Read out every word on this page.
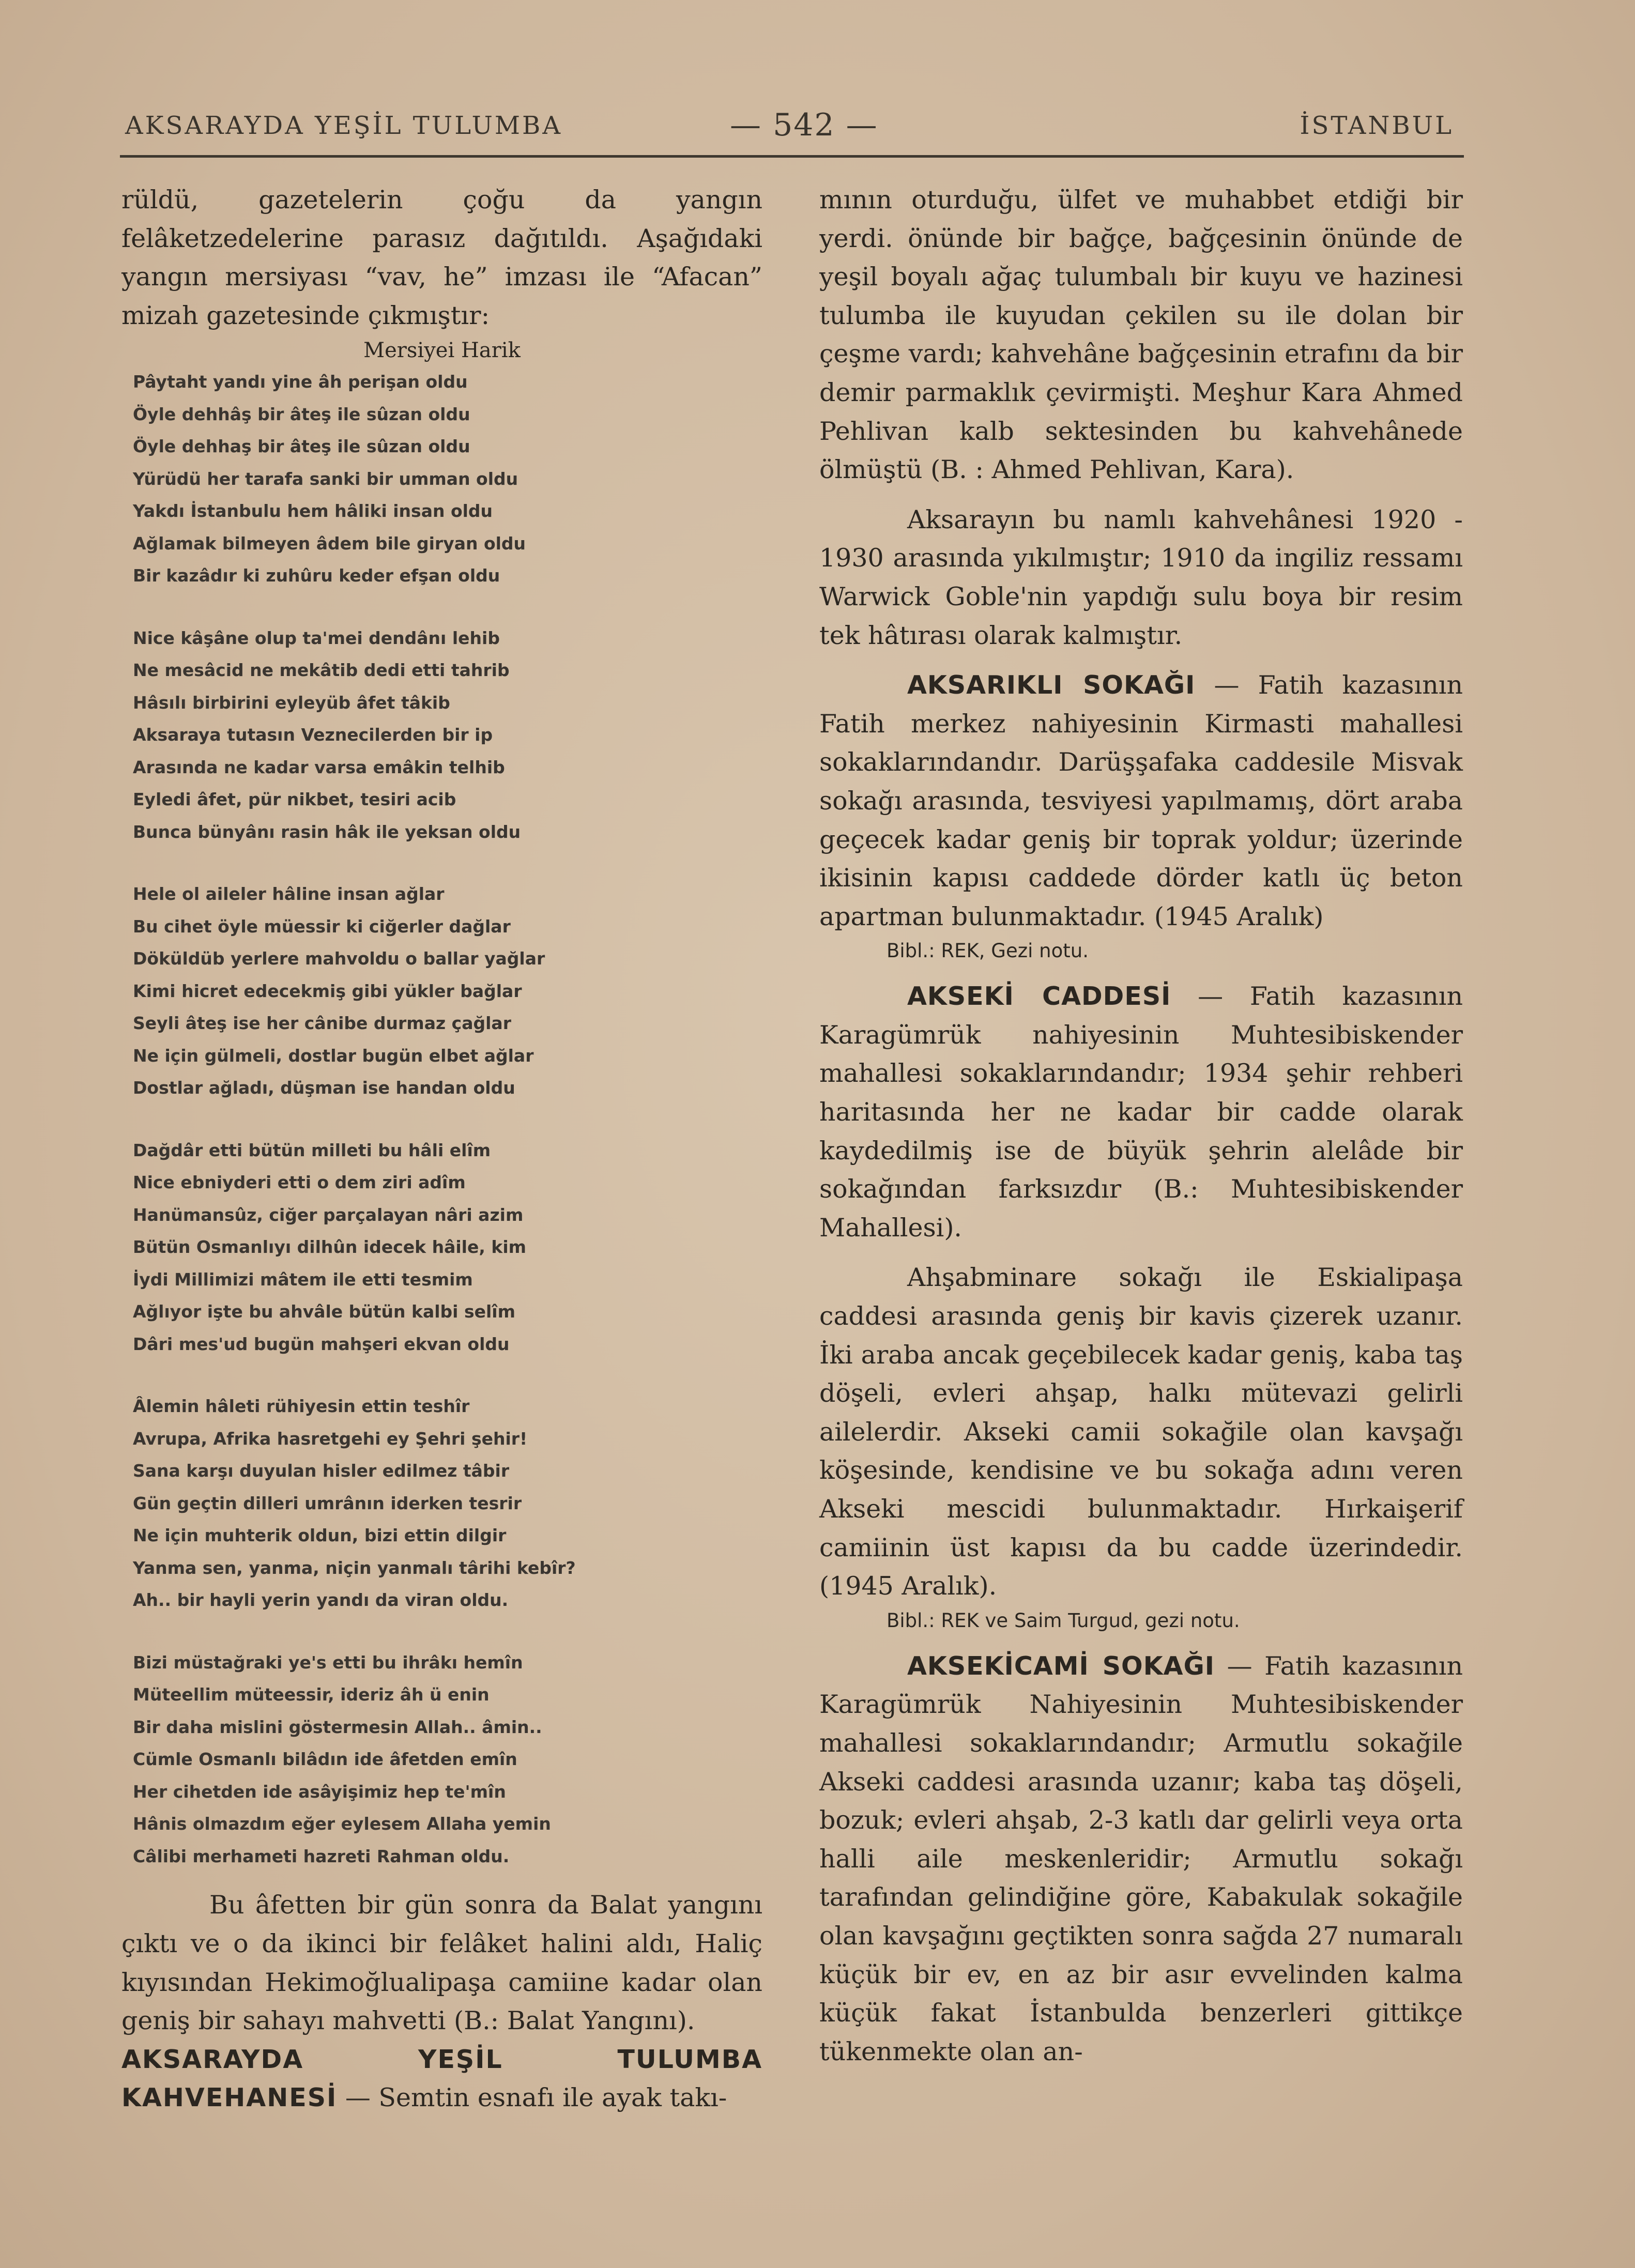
AKSARAYDA YEŞİL TULUMBA	— 542 —	İSTANBUL

rüldü, gazetelerin çoğu da yangın felâketzedelerine parasız dağıtıldı. Aşağıdaki yangın mersiyası “vav, he” imzası ile “Afacan” mizah gazetesinde çıkmıştır:

Mersiyei Harik

Pâytaht yandı yine âh perişan oldu
Öyle dehhâş bir âteş ile sûzan oldu
Öyle dehhaş bir âteş ile sûzan oldu
Yürüdü her tarafa sanki bir umman oldu
Yakdı İstanbulu hem hâliki insan oldu
Ağlamak bilmeyen âdem bile giryan oldu
Bir kazâdır ki zuhûru keder efşan oldu
Nice kâşâne olup ta'mei dendânı lehib
Ne mesâcid ne mekâtib dedi etti tahrib
Hâsılı birbirini eyleyüb âfet tâkib
Aksaraya tutasın Veznecilerden bir ip
Arasında ne kadar varsa emâkin telhib
Eyledi âfet, pür nikbet, tesiri acib
Bunca bünyânı rasin hâk ile yeksan oldu
Hele ol aileler hâline insan ağlar
Bu cihet öyle müessir ki ciğerler dağlar
Döküldüb yerlere mahvoldu o ballar yağlar
Kimi hicret edecekmiş gibi yükler bağlar
Seyli âteş ise her cânibe durmaz çağlar
Ne için gülmeli, dostlar bugün elbet ağlar
Dostlar ağladı, düşman ise handan oldu
Dağdâr etti bütün milleti bu hâli elîm
Nice ebniyderi etti o dem ziri adîm
Hanümansûz, ciğer parçalayan nâri azim
Bütün Osmanlıyı dilhûn idecek hâile, kim
İydi Millimizi mâtem ile etti tesmim
Ağlıyor işte bu ahvâle bütün kalbi selîm
Dâri mes'ud bugün mahşeri ekvan oldu
Âlemin hâleti rühiyesin ettin teshîr
Avrupa, Afrika hasretgehi ey Şehri şehir!
Sana karşı duyulan hisler edilmez tâbir
Gün geçtin dilleri umrânın iderken tesrir
Ne için muhterik oldun, bizi ettin dilgir
Yanma sen, yanma, niçin yanmalı târihi kebîr?
Ah.. bir hayli yerin yandı da viran oldu.
Bizi müstağraki ye's etti bu ihrâkı hemîn
Müteellim müteessir, ideriz âh ü enin
Bir daha mislini göstermesin Allah.. âmin..
Cümle Osmanlı bilâdın ide âfetden emîn
Her cihetden ide asâyişimiz hep te'mîn
Hânis olmazdım eğer eylesem Allaha yemin
Câlibi merhameti hazreti Rahman oldu.

Bu âfetten bir gün sonra da Balat yangını çıktı ve o da ikinci bir felâket halini aldı, Haliç kıyısından Hekimoğlualipaşa camiine kadar olan geniş bir sahayı mahvetti (B.: Balat Yangını).

AKSARAYDA YEŞİL TULUMBA KAHVEHANESİ — Semtin esnafı ile ayak takı-

mının oturduğu, ülfet ve muhabbet etdiği bir yerdi. önünde bir bağçe, bağçesinin önünde de yeşil boyalı ağaç tulumbalı bir kuyu ve hazinesi tulumba ile kuyudan çekilen su ile dolan bir çeşme vardı; kahvehâne bağçesinin etrafını da bir demir parmaklık çevirmişti. Meşhur Kara Ahmed Pehlivan kalb sektesinden bu kahvehânede ölmüştü (B. : Ahmed Pehlivan, Kara).

Aksarayın bu namlı kahvehânesi 1920 - 1930 arasında yıkılmıştır; 1910 da ingiliz ressamı Warwick Goble'nin yapdığı sulu boya bir resim tek hâtırası olarak kalmıştır.

AKSARIKLI SOKAĞI — Fatih kazasının Fatih merkez nahiyesinin Kirmasti mahallesi sokaklarındandır. Darüşşafaka caddesile Misvak sokağı arasında, tesviyesi yapılmamış, dört araba geçecek kadar geniş bir toprak yoldur; üzerinde ikisinin kapısı caddede dörder katlı üç beton apartman bulunmaktadır. (1945 Aralık)

Bibl.: REK, Gezi notu.

AKSEKİ CADDESİ — Fatih kazasının Karagümrük nahiyesinin Muhtesibiskender mahallesi sokaklarındandır; 1934 şehir rehberi haritasında her ne kadar bir cadde olarak kaydedilmiş ise de büyük şehrin alelâde bir sokağından farksızdır (B.: Muhtesibiskender Mahallesi).

Ahşabminare sokağı ile Eskialipaşa caddesi arasında geniş bir kavis çizerek uzanır. İki araba ancak geçebilecek kadar geniş, kaba taş döşeli, evleri ahşap, halkı mütevazi gelirli ailelerdir. Akseki camii sokağile olan kavşağı köşesinde, kendisine ve bu sokağa adını veren Akseki mescidi bulunmaktadır. Hırkaişerif camiinin üst kapısı da bu cadde üzerindedir. (1945 Aralık).

Bibl.: REK ve Saim Turgud, gezi notu.

AKSEKİCAMİ SOKAĞI — Fatih kazasının Karagümrük Nahiyesinin Muhtesibiskender mahallesi sokaklarındandır; Armutlu sokağile Akseki caddesi arasında uzanır; kaba taş döşeli, bozuk; evleri ahşab, 2-3 katlı dar gelirli veya orta halli aile meskenleridir; Armutlu sokağı tarafından gelindiğine göre, Kabakulak sokağile olan kavşağını geçtikten sonra sağda 27 numaralı küçük bir ev, en az bir asır evvelinden kalma küçük fakat İstanbulda benzerleri gittikçe tükenmekte olan an-
